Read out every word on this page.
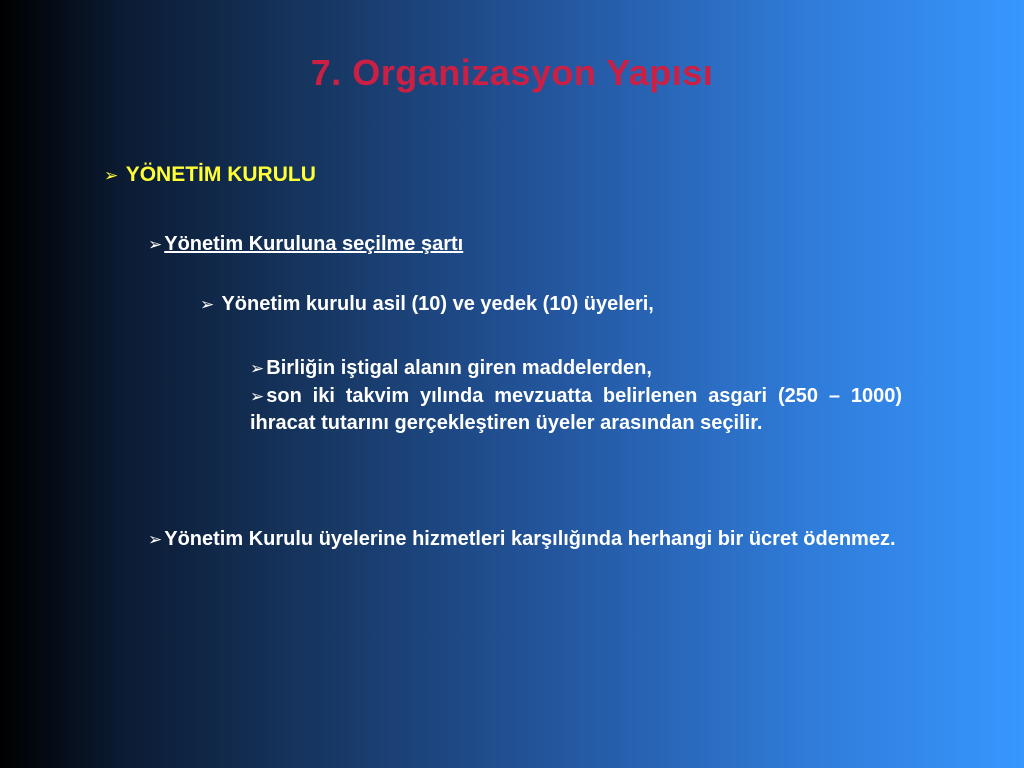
7. Organizasyon Yapısı
➢ YÖNETİM KURULU
➢ Yönetim Kuruluna seçilme şartı
➢ Yönetim kurulu asil (10) ve yedek (10) üyeleri,
➢ Birliğin iştigal alanın giren maddelerden,
➢ son iki takvim yılında mevzuatta belirlenen asgari (250 – 1000) ihracat tutarını gerçekleştiren üyeler arasından seçilir.
➢ Yönetim Kurulu üyelerine hizmetleri karşılığında herhangi bir ücret ödenmez.
